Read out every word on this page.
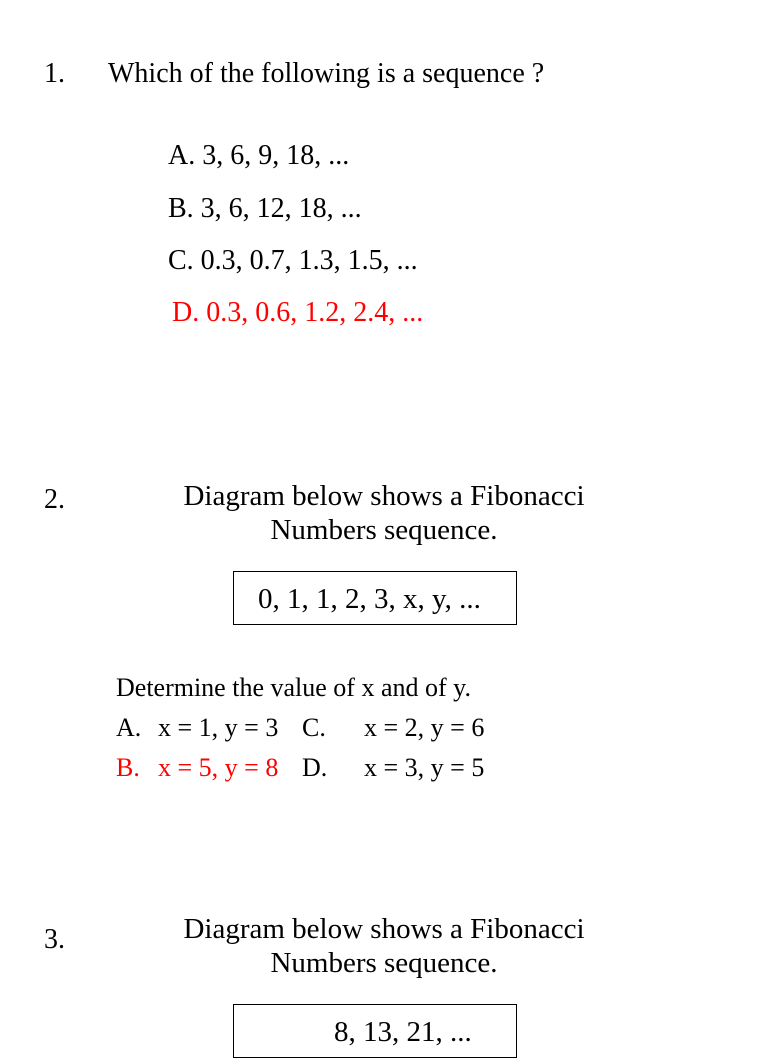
1. Which of the following is a sequence ?
A. 3, 6, 9, 18, ...
B. 3, 6, 12, 18, ...
C. 0.3, 0.7, 1.3, 1.5, ...
D. 0.3, 0.6, 1.2, 2.4, ...
2.	Diagram below shows a Fibonacci
Numbers sequence.
0, 1, 1, 2, 3, x, y, ...
Determine the value of x and of y.
A. x = 1, y = 3 C. x = 2, y = 6
B. x = 5, y = 8 D. x = 3, y = 5
3.	Diagram below shows a Fibonacci
Numbers sequence.
8, 13, 21, ...
